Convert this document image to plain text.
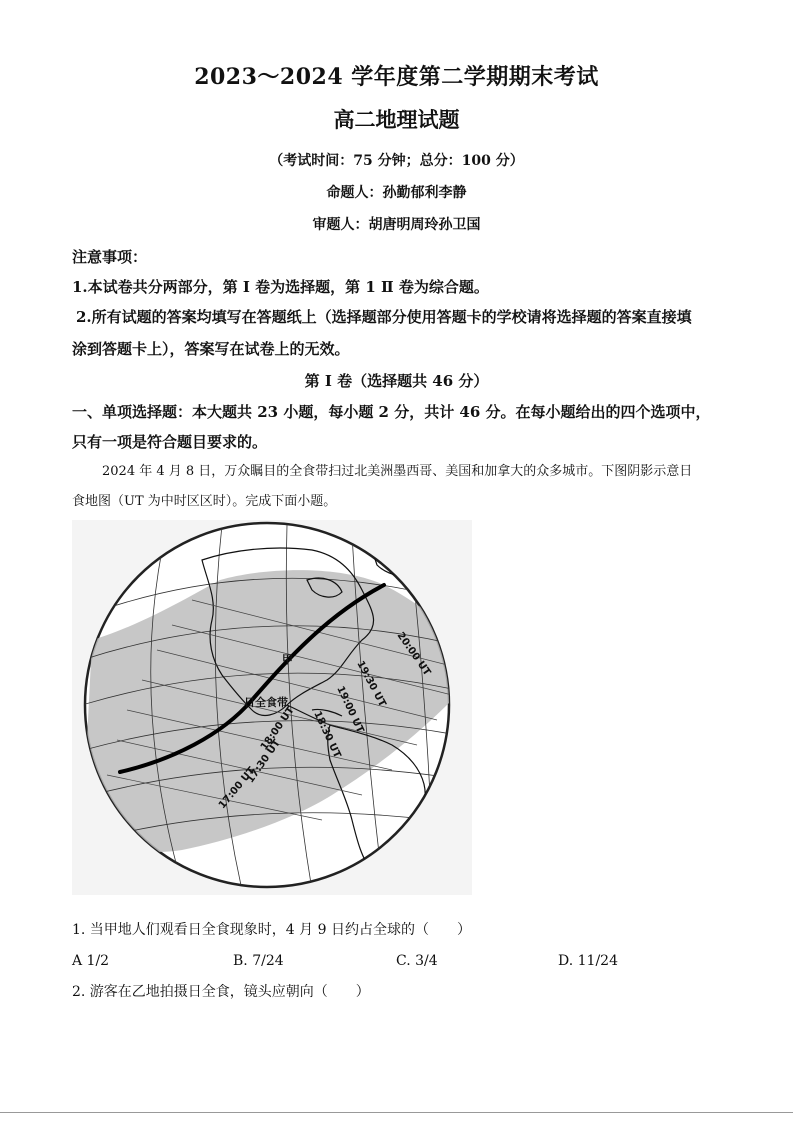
2023～2024 学年度第二学期期末考试
高二地理试题
（考试时间：75 分钟；总分：100 分）
命题人：孙勤郁利李静
审题人：胡唐明周玲孙卫国
注意事项：
1.本试卷共分两部分，第 I 卷为选择题，第 1 Ⅱ 卷为综合题。
2.所有试题的答案均填写在答题纸上（选择题部分使用答题卡的学校请将选择题的答案直接填
涂到答题卡上），答案写在试卷上的无效。
第 I 卷（选择题共 46 分）
一、单项选择题：本大题共 23 小题，每小题 2 分，共计 46 分。在每小题给出的四个选项中，
只有一项是符合题目要求的。
2024 年 4 月 8 日，万众瞩目的全食带扫过北美洲墨西哥、美国和加拿大的众多城市。下图阴影示意日
食地图（UT 为中时区区时）。完成下面小题。
甲
日全食带
20:00 UT
19:30 UT
19:00 UT
18:30 UT
18:00 UT
17:30 UT
17:00 UT
1. 当甲地人们观看日全食现象时，4 月 9 日约占全球的（　　）
A 1/2	B. 7/24	C. 3/4	D. 11/24
2. 游客在乙地拍摄日全食，镜头应朝向（　　）
